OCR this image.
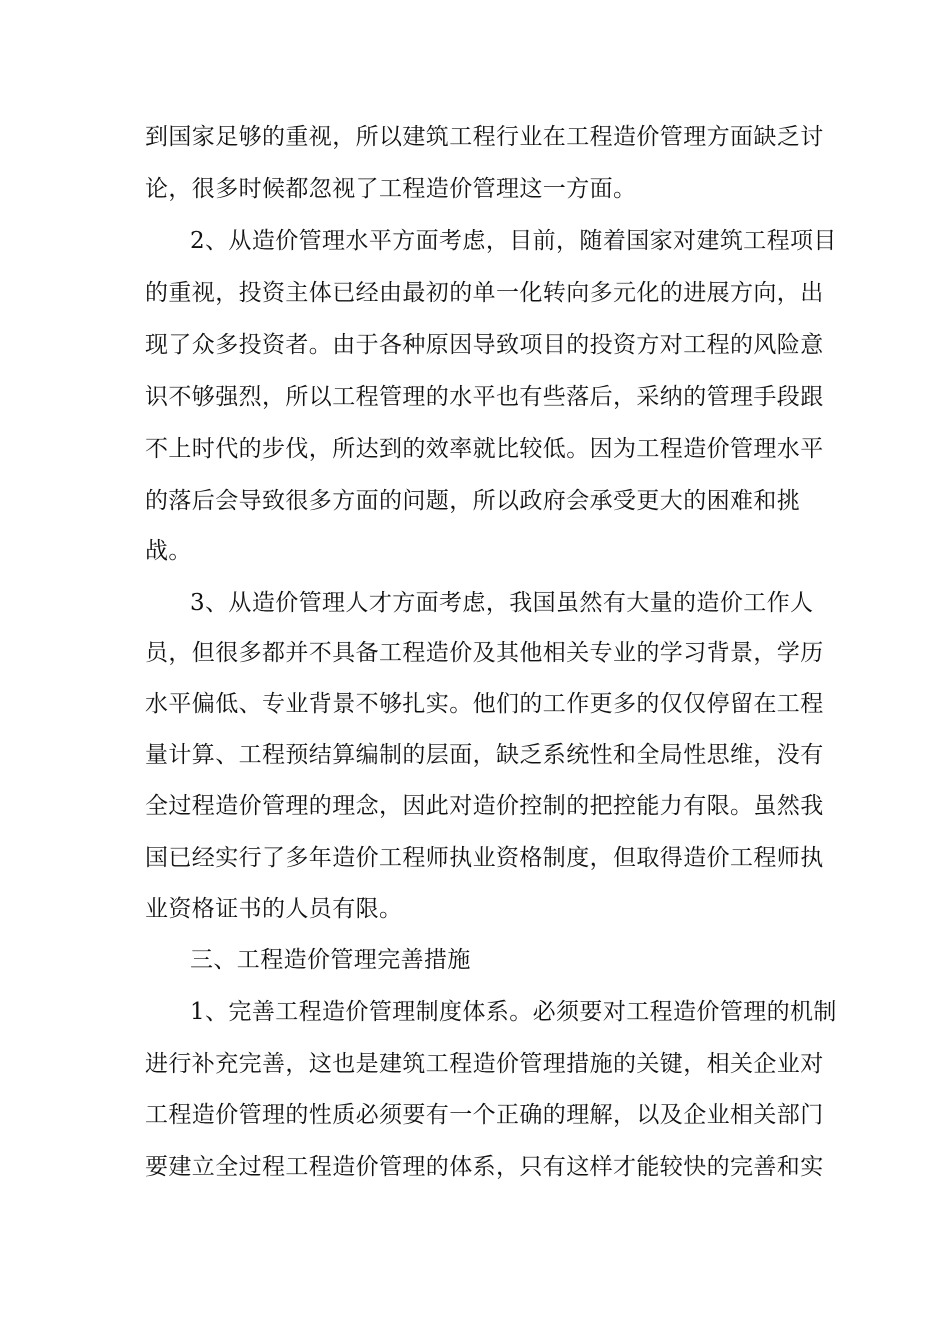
到国家足够的重视，所以建筑工程行业在工程造价管理方面缺乏讨
论，很多时候都忽视了工程造价管理这一方面。
2、从造价管理水平方面考虑，目前，随着国家对建筑工程项目
的重视，投资主体已经由最初的单一化转向多元化的进展方向，出
现了众多投资者。由于各种原因导致项目的投资方对工程的风险意
识不够强烈，所以工程管理的水平也有些落后，采纳的管理手段跟
不上时代的步伐，所达到的效率就比较低。因为工程造价管理水平
的落后会导致很多方面的问题，所以政府会承受更大的困难和挑
战。
3、从造价管理人才方面考虑，我国虽然有大量的造价工作人
员，但很多都并不具备工程造价及其他相关专业的学习背景，学历
水平偏低、专业背景不够扎实。他们的工作更多的仅仅停留在工程
量计算、工程预结算编制的层面，缺乏系统性和全局性思维，没有
全过程造价管理的理念，因此对造价控制的把控能力有限。虽然我
国已经实行了多年造价工程师执业资格制度，但取得造价工程师执
业资格证书的人员有限。
三、工程造价管理完善措施
1、完善工程造价管理制度体系。必须要对工程造价管理的机制
进行补充完善，这也是建筑工程造价管理措施的关键，相关企业对
工程造价管理的性质必须要有一个正确的理解，以及企业相关部门
要建立全过程工程造价管理的体系，只有这样才能较快的完善和实
